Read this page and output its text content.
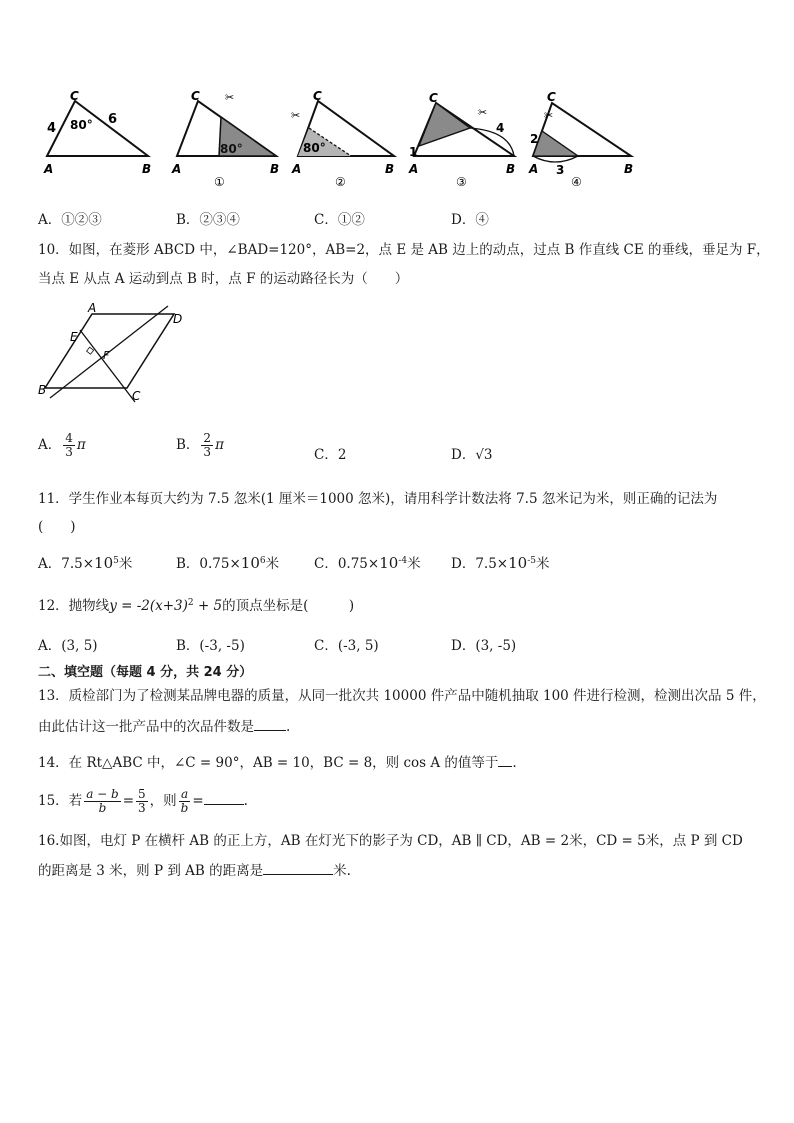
C
A	B
4
6
80°
✂
C
A	B
80°
①
✂
C
A	B
80°
②
✂
C
A	B
1
4
③
✂
C
A	B
2
3
④
A．①②③	B．②③④	C．①②	D．④
10．如图，在菱形 ABCD 中，∠BAD=120°，AB=2，点 E 是 AB 边上的动点，过点 B 作直线 CE 的垂线，垂足为 F，
当点 E 从点 A 运动到点 B 时，点 F 的运动路径长为（　　）
A
D
E
F
B	C
A． $\frac{4}{3}$ π	B． $\frac{2}{3}$ π
C．2	D．√3
11．学生作业本每页大约为 7.5 忽米(1 厘米＝1000 忽米)，请用科学计数法将 7.5 忽米记为米，则正确的记法为
(　　)
A．$7.5\times 10^5$米	B．$0.75\times 10^6$米	C．$0.75\times 10^{-4}$米 D．$7.5\times 10^{-5}$米
12．抛物线$y = -2(x+3)^2 + 5$的顶点坐标是(　　　)
A．(3, 5)	B．(-3, -5)	C．(-3, 5)	D．(3, -5)
二、填空题（每题 4 分，共 24 分）
13．质检部门为了检测某品牌电器的质量，从同一批次共 10000 件产品中随机抽取 100 件进行检测，检测出次品 5 件，
由此估计这一批产品中的次品件数是 .
14．在 Rt△ABC 中，∠C = 90°，AB = 10，BC = 8，则 cos A 的值等于 .
15．若 $\frac{a - b}{b} = \frac{5}{3}$ ，则 $\frac{a}{b}$ =	.
16.如图，电灯 P 在横杆 AB 的正上方，AB 在灯光下的影子为 CD，AB ∥ CD，AB = 2米，CD = 5米，点 P 到 CD
的距离是 3 米，则 P 到 AB 的距离是	米.
